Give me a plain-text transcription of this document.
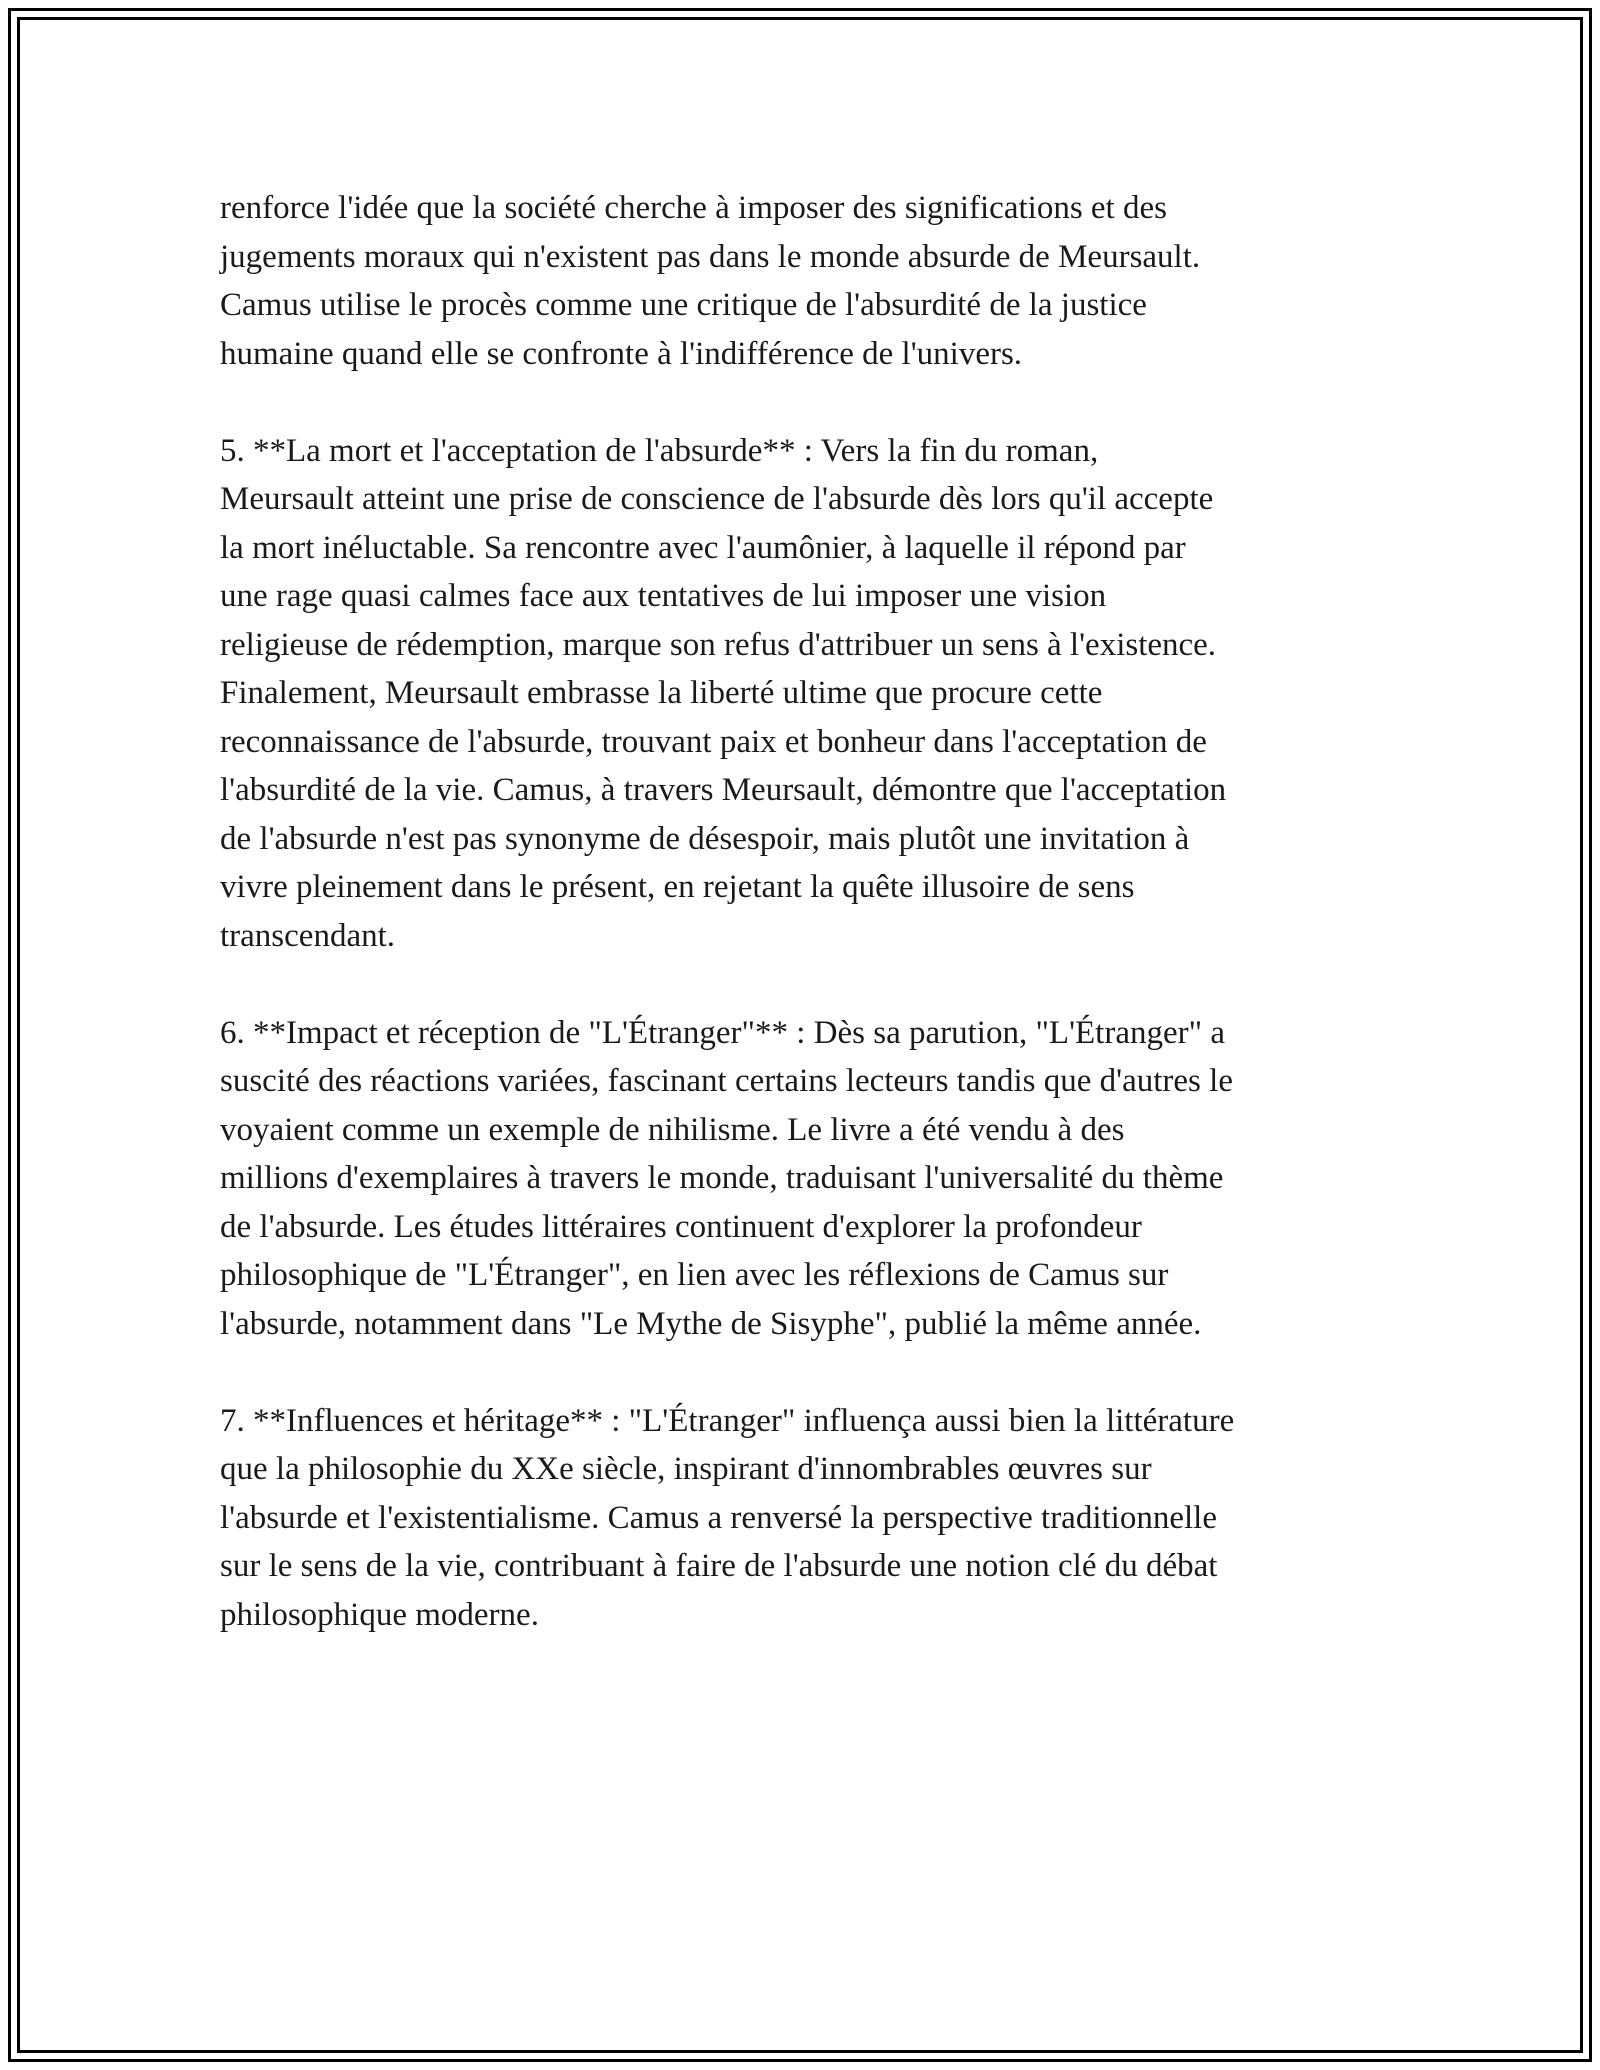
renforce l'idée que la société cherche à imposer des significations et des
jugements moraux qui n'existent pas dans le monde absurde de Meursault.
Camus utilise le procès comme une critique de l'absurdité de la justice
humaine quand elle se confronte à l'indifférence de l'univers.
5. **La mort et l'acceptation de l'absurde** : Vers la fin du roman,
Meursault atteint une prise de conscience de l'absurde dès lors qu'il accepte
la mort inéluctable. Sa rencontre avec l'aumônier, à laquelle il répond par
une rage quasi calmes face aux tentatives de lui imposer une vision
religieuse de rédemption, marque son refus d'attribuer un sens à l'existence.
Finalement, Meursault embrasse la liberté ultime que procure cette
reconnaissance de l'absurde, trouvant paix et bonheur dans l'acceptation de
l'absurdité de la vie. Camus, à travers Meursault, démontre que l'acceptation
de l'absurde n'est pas synonyme de désespoir, mais plutôt une invitation à
vivre pleinement dans le présent, en rejetant la quête illusoire de sens
transcendant.
6. **Impact et réception de "L'Étranger"** : Dès sa parution, "L'Étranger" a
suscité des réactions variées, fascinant certains lecteurs tandis que d'autres le
voyaient comme un exemple de nihilisme. Le livre a été vendu à des
millions d'exemplaires à travers le monde, traduisant l'universalité du thème
de l'absurde. Les études littéraires continuent d'explorer la profondeur
philosophique de "L'Étranger", en lien avec les réflexions de Camus sur
l'absurde, notamment dans "Le Mythe de Sisyphe", publié la même année.
7. **Influences et héritage** : "L'Étranger" influença aussi bien la littérature
que la philosophie du XXe siècle, inspirant d'innombrables œuvres sur
l'absurde et l'existentialisme. Camus a renversé la perspective traditionnelle
sur le sens de la vie, contribuant à faire de l'absurde une notion clé du débat
philosophique moderne.
